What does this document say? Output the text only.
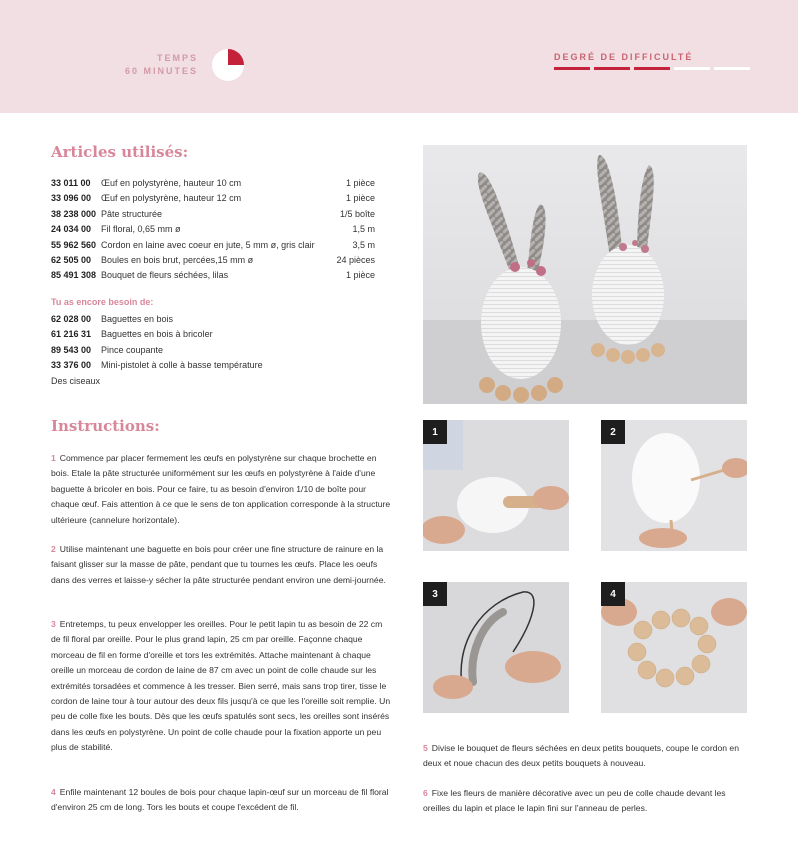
TEMPS
60 MINUTES
DEGRÉ DE DIFFICULTÉ
Articles utilisés:
33 011 00	Œuf en polystyrène, hauteur 10 cm	1 pièce
33 096 00	Œuf en polystyrène, hauteur 12 cm	1 pièce
38 238 000 Pâte structurée	1/5 boîte
24 034 00	Fil floral, 0,65 mm ø	1,5 m
55 962 560 Cordon en laine avec coeur en jute, 5 mm ø, gris clair	3,5 m
62 505 00	Boules en bois brut, percées,15 mm ø	24 pièces
85 491 308 Bouquet de fleurs séchées, lilas	1 pièce
Tu as encore besoin de:
62 028 00	Baguettes en bois
61 216 31	Baguettes en bois à bricoler
89 543 00	Pince coupante
33 376 00	Mini-pistolet à colle à basse température
Des ciseaux
Instructions:
1 Commence par placer fermement les œufs en polystyrène sur chaque brochette en bois. Etale la pâte structurée uniformément sur les œufs en polystyrène à l'aide d'une baguette à bricoler en bois. Pour ce faire, tu as besoin d'environ 1/10 de boîte pour chaque œuf. Fais attention à ce que le sens de ton application corresponde à la structure ultérieure (cannelure horizontale).
2 Utilise maintenant une baguette en bois pour créer une fine structure de rainure en la faisant glisser sur la masse de pâte, pendant que tu tournes les œufs. Place les oeufs dans des verres et laisse-y sécher la pâte structurée pendant environ une demi-journée.
3 Entretemps, tu peux envelopper les oreilles. Pour le petit lapin tu as besoin de 22 cm de fil floral par oreille. Pour le plus grand lapin, 25 cm par oreille. Façonne chaque morceau de fil en forme d'oreille et tors les extrémités. Attache maintenant à chaque oreille un morceau de cordon de laine de 87 cm avec un point de colle chaude sur les extrémités torsadées et commence à les tresser. Bien serré, mais sans trop tirer, tisse le cordon de laine tour à tour autour des deux fils jusqu'à ce que les l'oreille soit remplie. Un peu de colle fixe les bouts. Dès que les œufs spatulés sont secs, les oreilles sont insérés dans les œufs en polystyrène. Un point de colle chaude pour la fixation apporte un peu plus de stabilité.
4 Enfile maintenant 12 boules de bois pour chaque lapin-œuf sur un morceau de fil floral d'environ 25 cm de long. Tors les bouts et coupe l'excédent de fil.
5 Divise le bouquet de fleurs séchées en deux petits bouquets, coupe le cordon en deux et noue chacun des deux petits bouquets à nouveau.
6 Fixe les fleurs de manière décorative avec un peu de colle chaude devant les oreilles du lapin et place le lapin fini sur l'anneau de perles.
1	2
3	4
